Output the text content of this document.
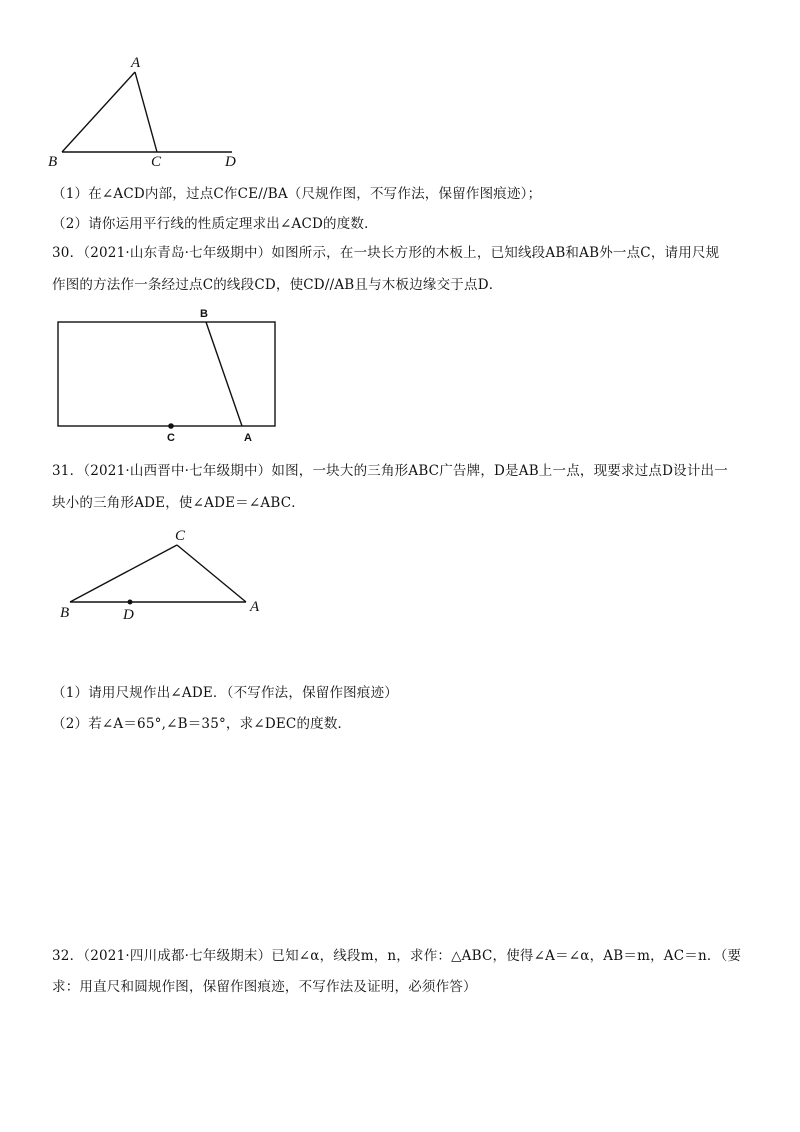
A
B	C	D
（1）在∠ACD内部，过点C作CE//BA（尺规作图，不写作法，保留作图痕迹）；
（2）请你运用平行线的性质定理求出∠ACD的度数．
30．（2021·山东青岛·七年级期中）如图所示，在一块长方形的木板上，已知线段AB和AB外一点C，请用尺规
作图的方法作一条经过点C的线段CD，使CD//AB且与木板边缘交于点D．
B
C	A
31．（2021·山西晋中·七年级期中）如图，一块大的三角形ABC广告牌，D是AB上一点，现要求过点D设计出一
块小的三角形ADE，使∠ADE＝∠ABC．
C
B	D	A
（1）请用尺规作出∠ADE．（不写作法，保留作图痕迹）
（2）若∠A＝65°,∠B＝35°，求∠DEC的度数．
32．（2021·四川成都·七年级期末）已知∠α，线段m，n，求作：△ABC，使得∠A＝∠α，AB＝m，AC＝n．（要
求：用直尺和圆规作图，保留作图痕迹，不写作法及证明，必须作答）
